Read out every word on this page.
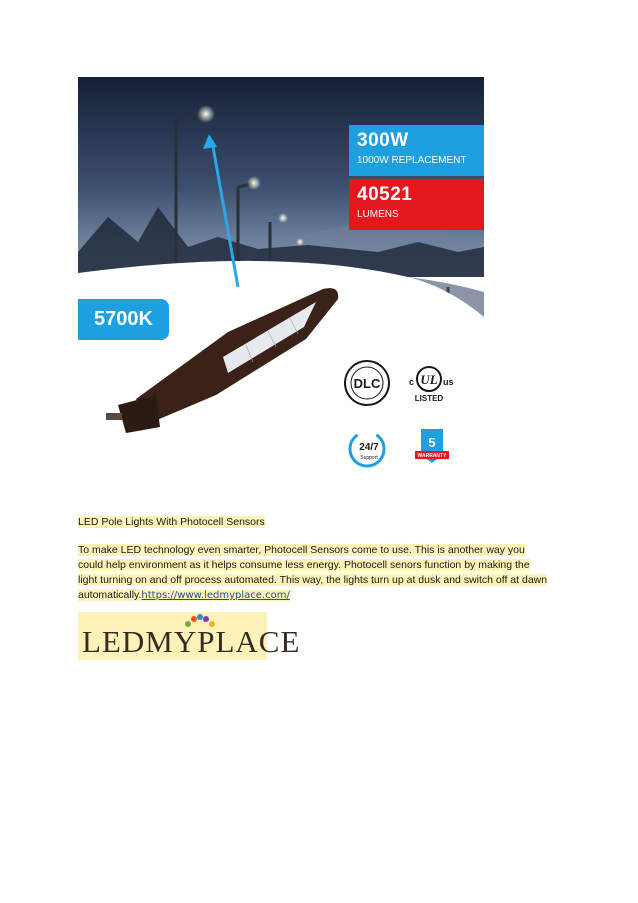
300W
1000W REPLACEMENT
40521
LUMENS
5700K
DLC	c UL us
LISTED
24/7
Support
5
WARRANTY
LED Pole Lights With Photocell Sensors
To make LED technology even smarter, Photocell Sensors come to use. This is another way you
could help environment as it helps consume less energy. Photocell senors function by making the
light turning on and off process automated. This way, the lights turn up at dusk and switch off at dawn
automatically.https://www.ledmyplace.com/
LEDMYPLACE
